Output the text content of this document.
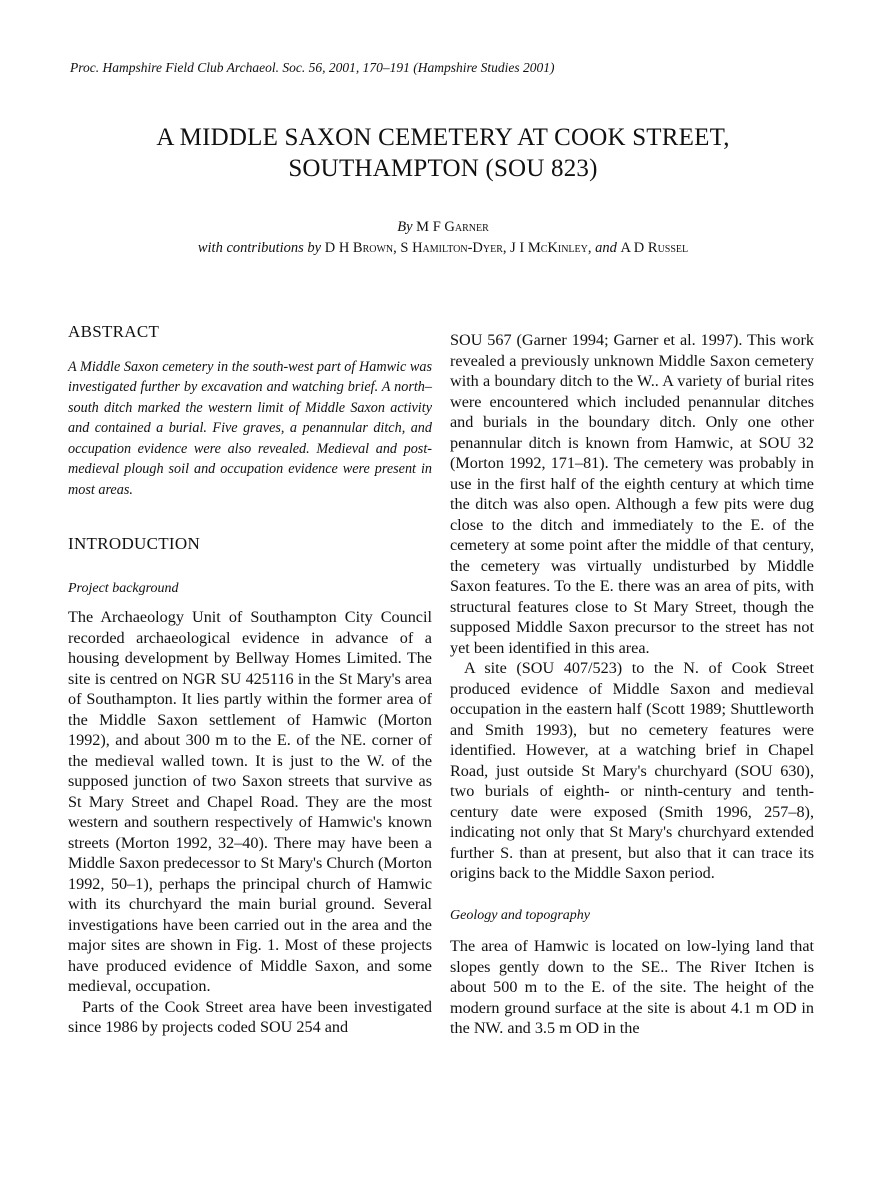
Proc. Hampshire Field Club Archaeol. Soc. 56, 2001, 170–191 (Hampshire Studies 2001)
A MIDDLE SAXON CEMETERY AT COOK STREET,
SOUTHAMPTON (SOU 823)
By M F Garner
with contributions by D H Brown, S Hamilton-Dyer, J I McKinley, and A D Russel
ABSTRACT

A Middle Saxon cemetery in the south-west part of Hamwic was investigated further by excavation and watching brief. A north–south ditch marked the western limit of Middle Saxon activity and contained a burial. Five graves, a penannular ditch, and occupation evidence were also revealed. Medieval and post-medieval plough soil and occupation evidence were present in most areas.

INTRODUCTION

Project background

The Archaeology Unit of Southampton City Council recorded archaeological evidence in advance of a housing development by Bellway Homes Limited. The site is centred on NGR SU 425116 in the St Mary's area of Southampton. It lies partly within the former area of the Middle Saxon settlement of Hamwic (Morton 1992), and about 300 m to the E. of the NE. corner of the medieval walled town. It is just to the W. of the supposed junction of two Saxon streets that survive as St Mary Street and Chapel Road. They are the most western and southern respectively of Hamwic's known streets (Morton 1992, 32–40). There may have been a Middle Saxon predecessor to St Mary's Church (Morton 1992, 50–1), perhaps the principal church of Hamwic with its churchyard the main burial ground. Several investigations have been carried out in the area and the major sites are shown in Fig. 1. Most of these projects have produced evidence of Middle Saxon, and some medieval, occupation.

Parts of the Cook Street area have been investigated since 1986 by projects coded SOU 254 and

SOU 567 (Garner 1994; Garner et al. 1997). This work revealed a previously unknown Middle Saxon cemetery with a boundary ditch to the W.. A variety of burial rites were encountered which included penannular ditches and burials in the boundary ditch. Only one other penannular ditch is known from Hamwic, at SOU 32 (Morton 1992, 171–81). The cemetery was probably in use in the first half of the eighth century at which time the ditch was also open. Although a few pits were dug close to the ditch and immediately to the E. of the cemetery at some point after the middle of that century, the cemetery was virtually undisturbed by Middle Saxon features. To the E. there was an area of pits, with structural features close to St Mary Street, though the supposed Middle Saxon precursor to the street has not yet been identified in this area.

A site (SOU 407/523) to the N. of Cook Street produced evidence of Middle Saxon and medieval occupation in the eastern half (Scott 1989; Shuttleworth and Smith 1993), but no cemetery features were identified. However, at a watching brief in Chapel Road, just outside St Mary's churchyard (SOU 630), two burials of eighth- or ninth-century and tenth-century date were exposed (Smith 1996, 257–8), indicating not only that St Mary's churchyard extended further S. than at present, but also that it can trace its origins back to the Middle Saxon period.

Geology and topography

The area of Hamwic is located on low-lying land that slopes gently down to the SE.. The River Itchen is about 500 m to the E. of the site. The height of the modern ground surface at the site is about 4.1 m OD in the NW. and 3.5 m OD in the
